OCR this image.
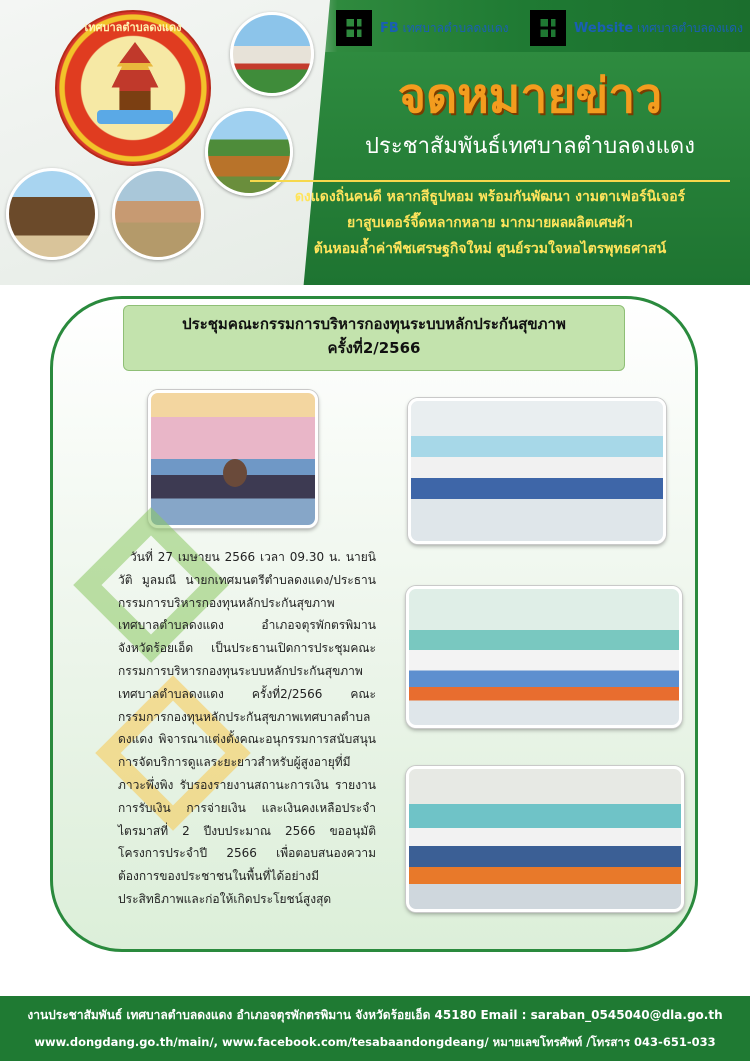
FB เทศบาลตำบลดงแดง	Website เทศบาลตำบลดงแดง
เทศบาลตำบลดงแดง
จดหมายข่าว
ประชาสัมพันธ์เทศบาลตำบลดงแดง
ดงแดงถิ่นคนดี หลากสีธูปหอม พร้อมกันพัฒนา งามตาเฟอร์นิเจอร์
ยาสูบเตอร์จี๊ดหลากหลาย มากมายผลผลิตเศษผ้า
ต้นหอมล้ำค่าพืชเศรษฐกิจใหม่ ศูนย์รวมใจหอไตรพุทธศาสน์
ประชุมคณะกรรมการบริหารกองทุนระบบหลักประกันสุขภาพ
ครั้งที่2/2566

วันที่ 27 เมษายน 2566 เวลา 09.30 น. นายนิวัติ มูลมณี นายกเทศมนตรีตำบลดงแดง/ประธานกรรมการบริหารกองทุนหลักประกันสุขภาพเทศบาลตำบลดงแดง อำเภอจตุรพักตรพิมาน จังหวัดร้อยเอ็ด เป็นประธานเปิดการประชุมคณะกรรมการบริหารกองทุนระบบหลักประกันสุขภาพ เทศบาลตำบลดงแดง ครั้งที่2/2566 คณะกรรมการกองทุนหลักประกันสุขภาพเทศบาลตำบลดงแดง พิจารณาแต่งตั้งคณะอนุกรรมการสนับสนุนการจัดบริการดูแลระยะยาวสำหรับผู้สูงอายุที่มีภาวะพึ่งพิง รับรองรายงานสถานะการเงิน รายงานการรับเงิน การจ่ายเงิน และเงินคงเหลือประจำไตรมาสที่ 2 ปีงบประมาณ 2566 ขออนุมัติโครงการประจำปี 2566 เพื่อตอบสนองความต้องการของประชาชนในพื้นที่ได้อย่างมีประสิทธิภาพและก่อให้เกิดประโยชน์สูงสุด

งานประชาสัมพันธ์ เทศบาลตำบลดงแดง อำเภอจตุรพักตรพิมาน จังหวัดร้อยเอ็ด 45180 Email : saraban_0545040@dla.go.th
www.dongdang.go.th/main/, www.facebook.com/tesabaandongdeang/ หมายเลขโทรศัพท์ /โทรสาร 043-651-033
